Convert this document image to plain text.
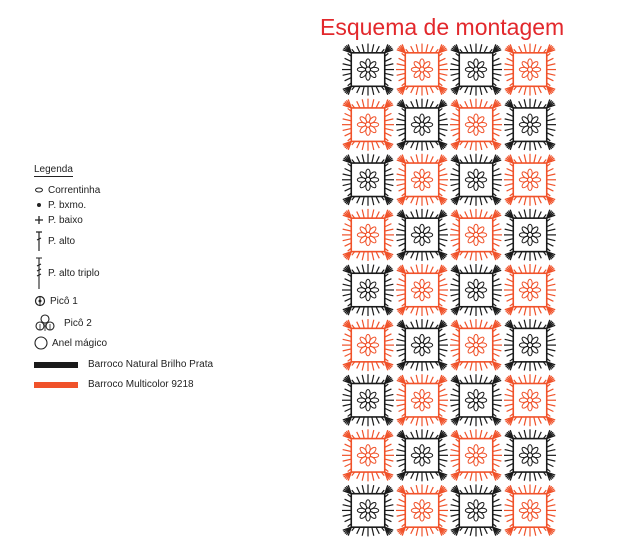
Esquema de montagem
Legenda
Correntinha
P. bxmo.
P. baixo
P. alto
P. alto triplo
Picô 1
Picô 2
Anel mágico
Barroco Natural Brilho Prata
Barroco Multicolor 9218
